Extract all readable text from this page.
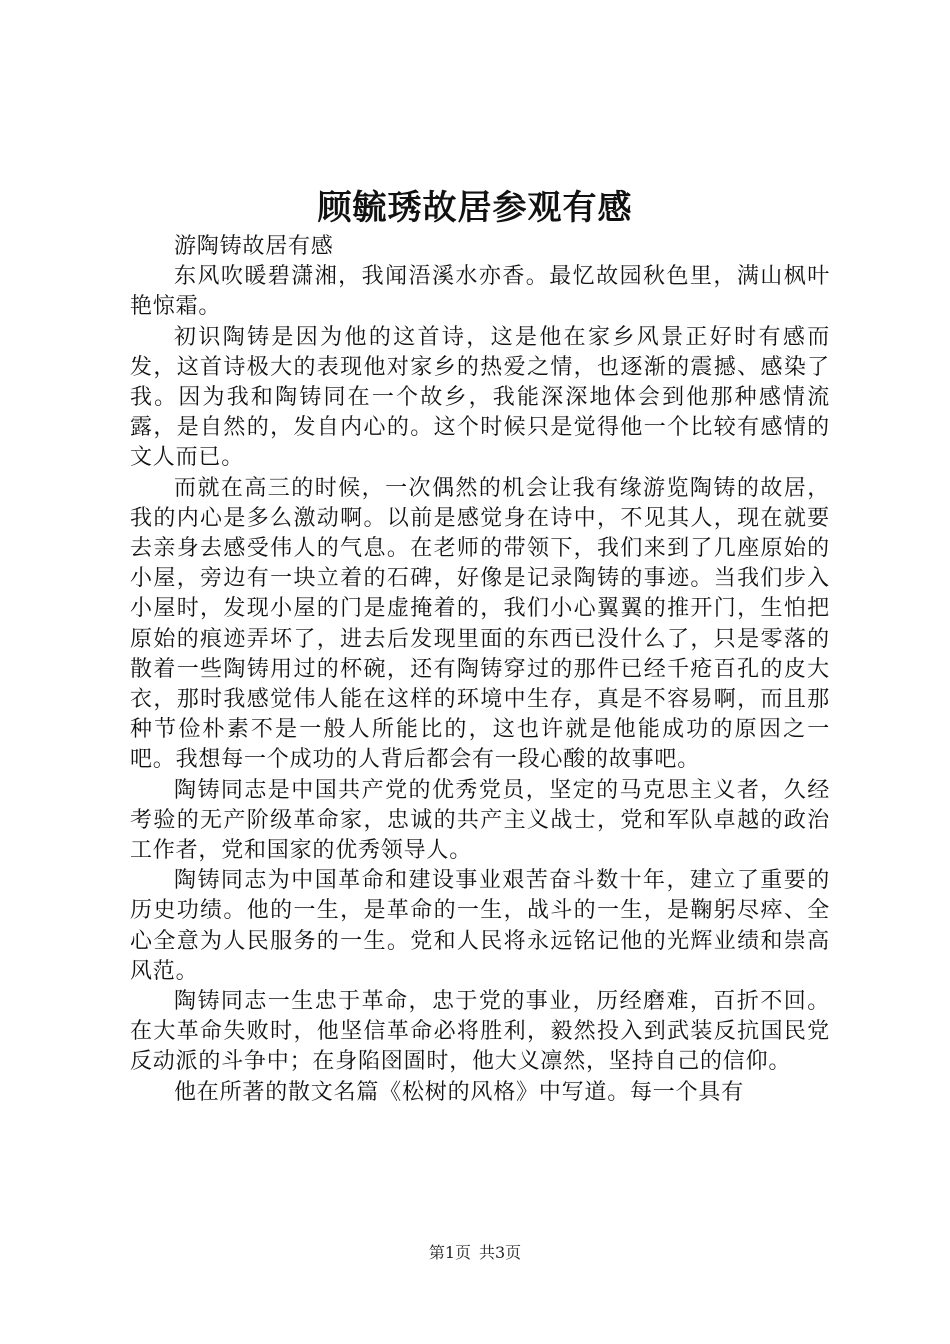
顾毓琇故居参观有感

游陶铸故居有感

东风吹暖碧潇湘，我闻浯溪水亦香。最忆故园秋色里，满山枫叶艳惊霜。

初识陶铸是因为他的这首诗，这是他在家乡风景正好时有感而发，这首诗极大的表现他对家乡的热爱之情，也逐渐的震撼、感染了我。因为我和陶铸同在一个故乡，我能深深地体会到他那种感情流露，是自然的，发自内心的。这个时候只是觉得他一个比较有感情的文人而已。

而就在高三的时候，一次偶然的机会让我有缘游览陶铸的故居，我的内心是多么激动啊。以前是感觉身在诗中，不见其人，现在就要去亲身去感受伟人的气息。在老师的带领下，我们来到了几座原始的小屋，旁边有一块立着的石碑，好像是记录陶铸的事迹。当我们步入小屋时，发现小屋的门是虚掩着的，我们小心翼翼的推开门，生怕把原始的痕迹弄坏了，进去后发现里面的东西已没什么了，只是零落的散着一些陶铸用过的杯碗，还有陶铸穿过的那件已经千疮百孔的皮大衣，那时我感觉伟人能在这样的环境中生存，真是不容易啊，而且那种节俭朴素不是一般人所能比的，这也许就是他能成功的原因之一吧。我想每一个成功的人背后都会有一段心酸的故事吧。

陶铸同志是中国共产党的优秀党员，坚定的马克思主义者，久经考验的无产阶级革命家，忠诚的共产主义战士，党和军队卓越的政治工作者，党和国家的优秀领导人。

陶铸同志为中国革命和建设事业艰苦奋斗数十年，建立了重要的历史功绩。他的一生，是革命的一生，战斗的一生，是鞠躬尽瘁、全心全意为人民服务的一生。党和人民将永远铭记他的光辉业绩和崇高风范。

陶铸同志一生忠于革命，忠于党的事业，历经磨难，百折不回。在大革命失败时，他坚信革命必将胜利，毅然投入到武装反抗国民党反动派的斗争中；在身陷囹圄时，他大义凛然，坚持自己的信仰。

他在所著的散文名篇《松树的风格》中写道。每一个具有

第1页 共3页
